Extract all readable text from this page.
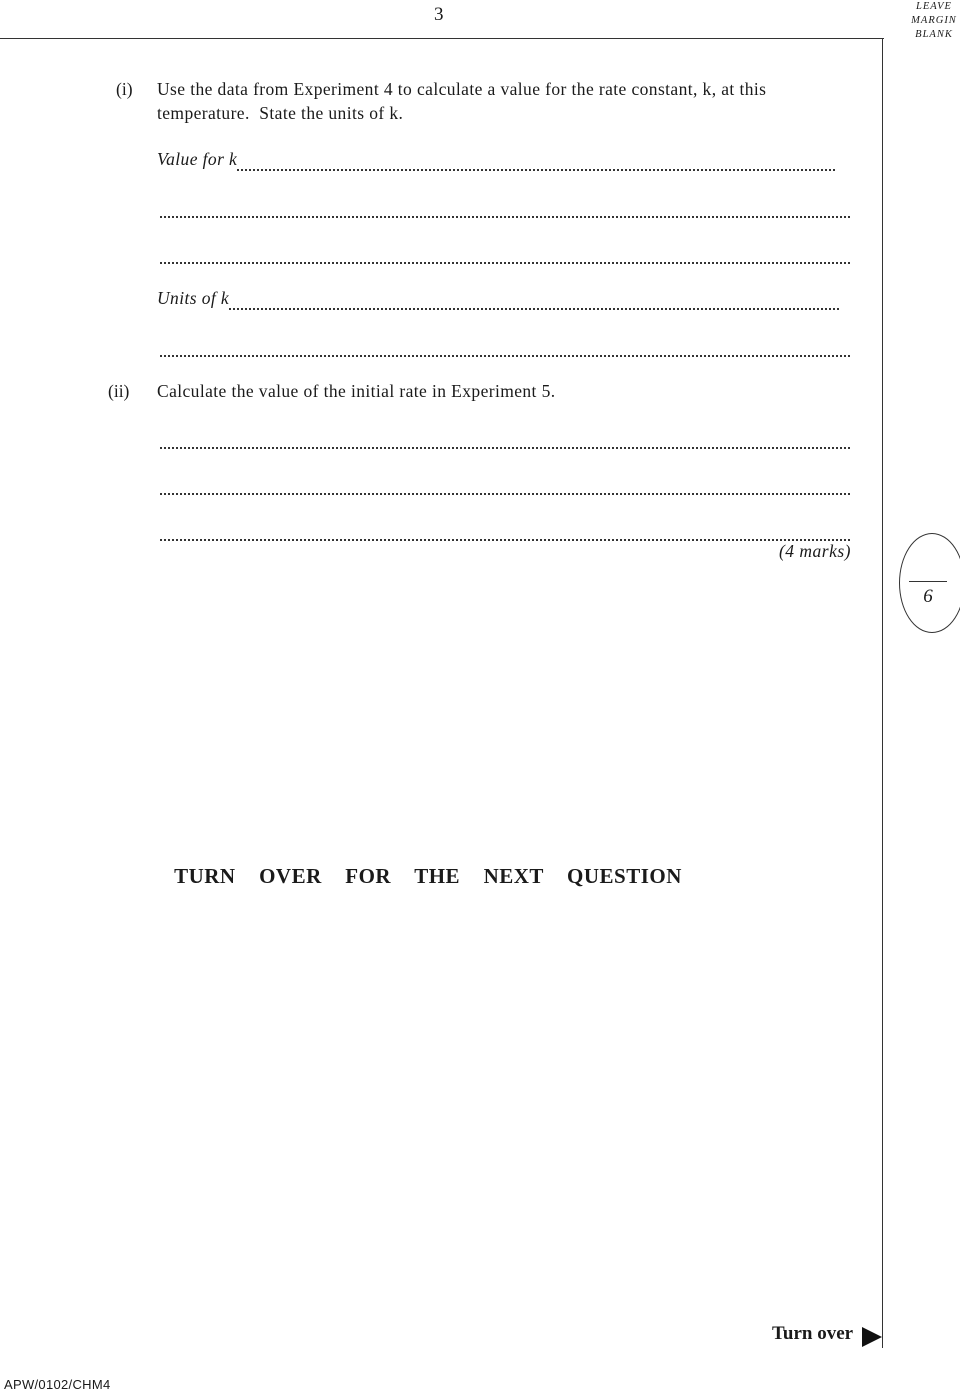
3	LEAVE
MARGIN
BLANK
(i) Use the data from Experiment 4 to calculate a value for the rate constant, k, at this
temperature.  State the units of k.
Value for k
Units of k
(ii) Calculate the value of the initial rate in Experiment 5.
(4 marks)
6
TURN  OVER  FOR  THE  NEXT  QUESTION
Turn over
APW/0102/CHM4
